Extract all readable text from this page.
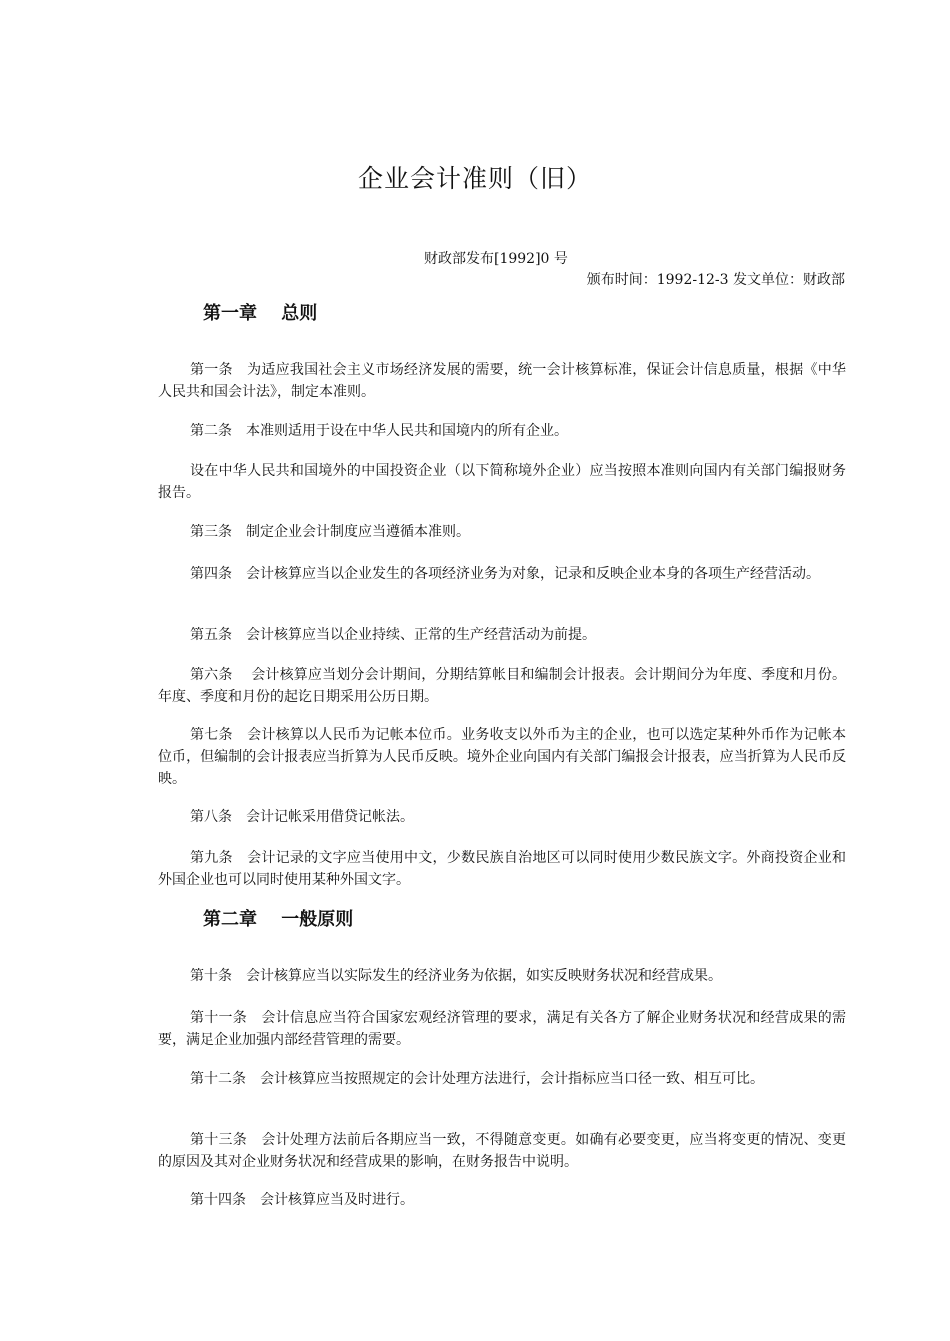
企业会计准则（旧）
财政部发布[1992]0 号
颁布时间：1992-12-3 发文单位：财政部
第一章　 总则

第一条　为适应我国社会主义市场经济发展的需要，统一会计核算标准，保证会计信息质量，根据《中华人民共和国会计法》，制定本准则。

第二条　本准则适用于设在中华人民共和国境内的所有企业。

设在中华人民共和国境外的中国投资企业（以下简称境外企业）应当按照本准则向国内有关部门编报财务报告。

第三条　制定企业会计制度应当遵循本准则。

第四条　会计核算应当以企业发生的各项经济业务为对象，记录和反映企业本身的各项生产经营活动。

第五条　会计核算应当以企业持续、正常的生产经营活动为前提。

第六条　 会计核算应当划分会计期间，分期结算帐目和编制会计报表。会计期间分为年度、季度和月份。年度、季度和月份的起讫日期采用公历日期。

第七条　会计核算以人民币为记帐本位币。业务收支以外币为主的企业，也可以选定某种外币作为记帐本位币，但编制的会计报表应当折算为人民币反映。境外企业向国内有关部门编报会计报表，应当折算为人民币反映。

第八条　会计记帐采用借贷记帐法。

第九条　会计记录的文字应当使用中文，少数民族自治地区可以同时使用少数民族文字。外商投资企业和外国企业也可以同时使用某种外国文字。

第二章　 一般原则

第十条　会计核算应当以实际发生的经济业务为依据，如实反映财务状况和经营成果。

第十一条　会计信息应当符合国家宏观经济管理的要求，满足有关各方了解企业财务状况和经营成果的需要，满足企业加强内部经营管理的需要。

第十二条　会计核算应当按照规定的会计处理方法进行，会计指标应当口径一致、相互可比。

第十三条　会计处理方法前后各期应当一致，不得随意变更。如确有必要变更，应当将变更的情况、变更的原因及其对企业财务状况和经营成果的影响，在财务报告中说明。

第十四条　会计核算应当及时进行。
